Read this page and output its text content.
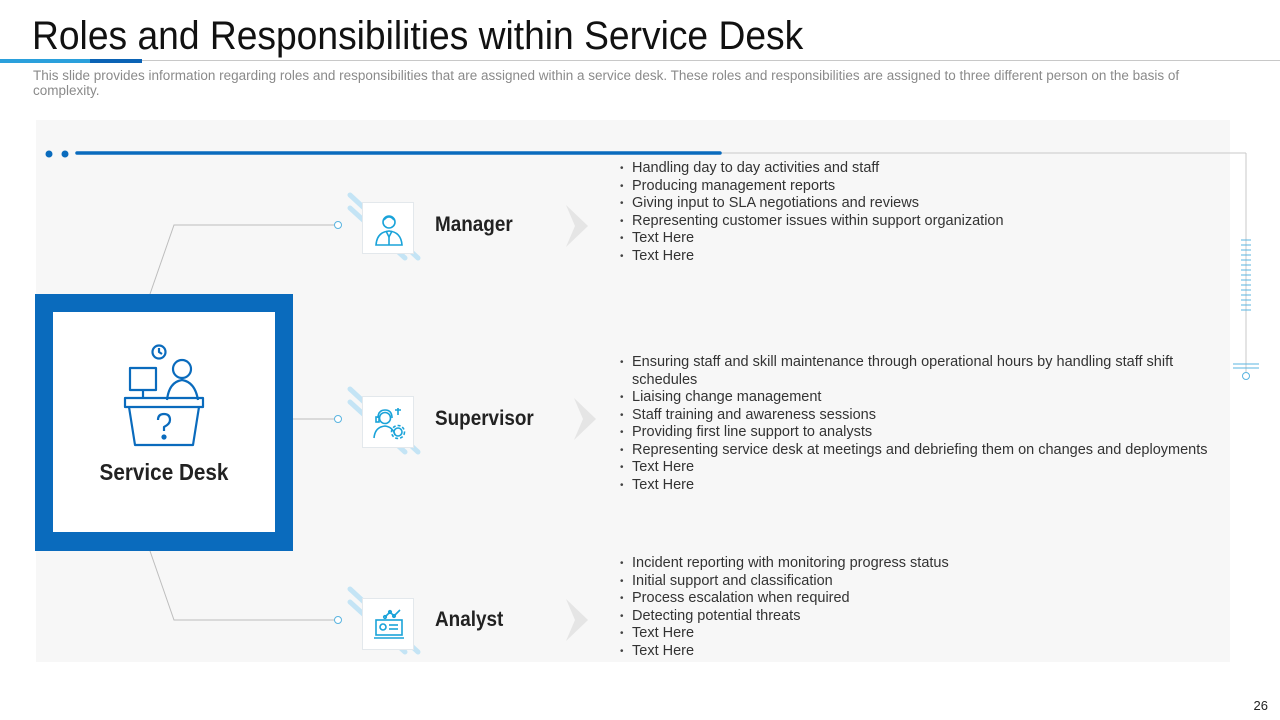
Roles and Responsibilities within Service Desk
This slide provides information regarding roles and responsibilities that are assigned within a service desk. These roles and responsibilities are assigned to three different person on the basis of complexity.
Service Desk
Manager
• Handling day to day activities and staff
• Producing management reports
• Giving input to SLA negotiations and reviews
• Representing customer issues within support organization
• Text Here
• Text Here
Supervisor
• Ensuring staff and skill maintenance through operational hours by handling staff shift schedules
• Liaising change management
• Staff training and awareness sessions
• Providing first line support to analysts
• Representing service desk at meetings and debriefing them on changes and deployments
• Text Here
• Text Here
Analyst
• Incident reporting with monitoring progress status
• Initial support and classification
• Process escalation when required
• Detecting potential threats
• Text Here
• Text Here
26
